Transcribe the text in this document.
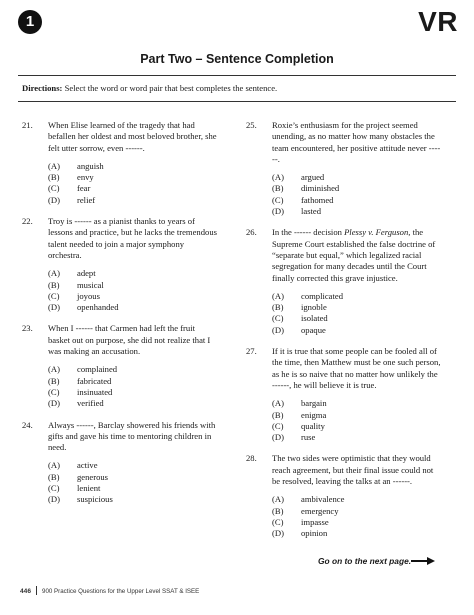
1	VR
Part Two – Sentence Completion
Directions: Select the word or word pair that best completes the sentence.
21. When Elise learned of the tragedy that had befallen her oldest and most beloved brother, she felt utter sorrow, even ------.

(A) anguish
(B) envy
(C) fear
(D) relief
22. Troy is ------ as a pianist thanks to years of lessons and practice, but he lacks the tremendous talent needed to join a major symphony orchestra.

(A) adept
(B) musical
(C) joyous
(D) openhanded
23. When I ------ that Carmen had left the fruit basket out on purpose, she did not realize that I was making an accusation.

(A) complained
(B) fabricated
(C) insinuated
(D) verified
24. Always ------, Barclay showered his friends with gifts and gave his time to mentoring children in need.

(A) active
(B) generous
(C) lenient
(D) suspicious
25. Roxie’s enthusiasm for the project seemed unending, as no matter how many obstacles the team encountered, her positive attitude never ------.

(A) argued
(B) diminished
(C) fathomed
(D) lasted
26. In the ------ decision Plessy v. Ferguson, the Supreme Court established the false doctrine of “separate but equal,” which legalized racial segregation for many decades until the Court finally corrected this grave injustice.

(A) complicated
(B) ignoble
(C) isolated
(D) opaque
27. If it is true that some people can be fooled all of the time, then Matthew must be one such person, as he is so naive that no matter how unlikely the ------, he will believe it is true.

(A) bargain
(B) enigma
(C) quality
(D) ruse
28. The two sides were optimistic that they would reach agreement, but their final issue could not be resolved, leaving the talks at an ------.

(A) ambivalence
(B) emergency
(C) impasse
(D) opinion
Go on to the next page.
446 900 Practice Questions for the Upper Level SSAT & ISEE
